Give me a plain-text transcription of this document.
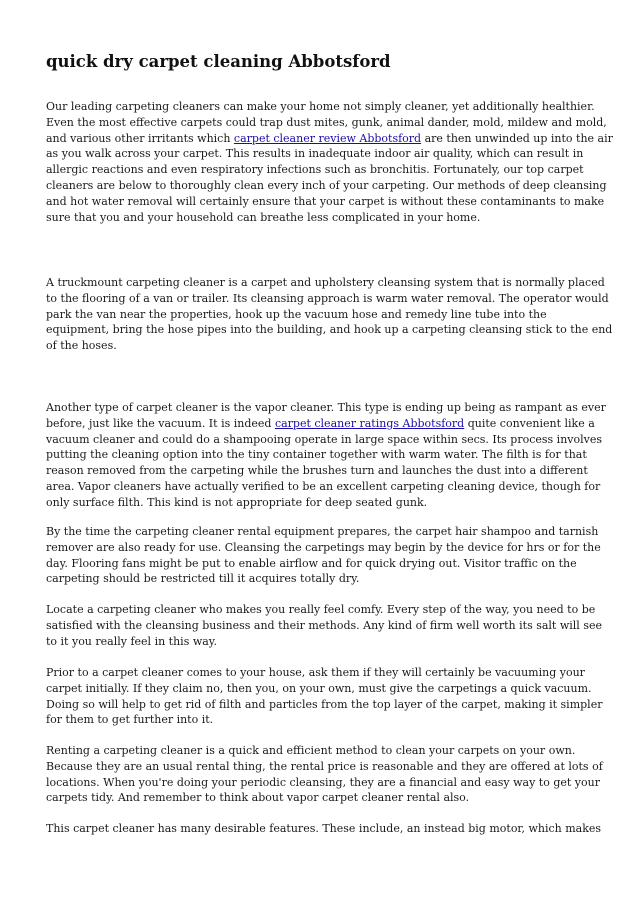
quick dry carpet cleaning Abbotsford

Our leading carpeting cleaners can make your home not simply cleaner, yet additionally healthier.
Even the most effective carpets could trap dust mites, gunk, animal dander, mold, mildew and mold,
and various other irritants which carpet cleaner review Abbotsford are then unwinded up into the air
as you walk across your carpet. This results in inadequate indoor air quality, which can result in
allergic reactions and even respiratory infections such as bronchitis. Fortunately, our top carpet
cleaners are below to thoroughly clean every inch of your carpeting. Our methods of deep cleansing
and hot water removal will certainly ensure that your carpet is without these contaminants to make
sure that you and your household can breathe less complicated in your home.

A truckmount carpeting cleaner is a carpet and upholstery cleansing system that is normally placed
to the flooring of a van or trailer. Its cleansing approach is warm water removal. The operator would
park the van near the properties, hook up the vacuum hose and remedy line tube into the
equipment, bring the hose pipes into the building, and hook up a carpeting cleansing stick to the end
of the hoses.

Another type of carpet cleaner is the vapor cleaner. This type is ending up being as rampant as ever
before, just like the vacuum. It is indeed carpet cleaner ratings Abbotsford quite convenient like a
vacuum cleaner and could do a shampooing operate in large space within secs. Its process involves
putting the cleaning option into the tiny container together with warm water. The filth is for that
reason removed from the carpeting while the brushes turn and launches the dust into a different
area. Vapor cleaners have actually verified to be an excellent carpeting cleaning device, though for
only surface filth. This kind is not appropriate for deep seated gunk.

By the time the carpeting cleaner rental equipment prepares, the carpet hair shampoo and tarnish
remover are also ready for use. Cleansing the carpetings may begin by the device for hrs or for the
day. Flooring fans might be put to enable airflow and for quick drying out. Visitor traffic on the
carpeting should be restricted till it acquires totally dry.

Locate a carpeting cleaner who makes you really feel comfy. Every step of the way, you need to be
satisfied with the cleansing business and their methods. Any kind of firm well worth its salt will see
to it you really feel in this way.

Prior to a carpet cleaner comes to your house, ask them if they will certainly be vacuuming your
carpet initially. If they claim no, then you, on your own, must give the carpetings a quick vacuum.
Doing so will help to get rid of filth and particles from the top layer of the carpet, making it simpler
for them to get further into it.

Renting a carpeting cleaner is a quick and efficient method to clean your carpets on your own.
Because they are an usual rental thing, the rental price is reasonable and they are offered at lots of
locations. When you're doing your periodic cleansing, they are a financial and easy way to get your
carpets tidy. And remember to think about vapor carpet cleaner rental also.

This carpet cleaner has many desirable features. These include, an instead big motor, which makes
